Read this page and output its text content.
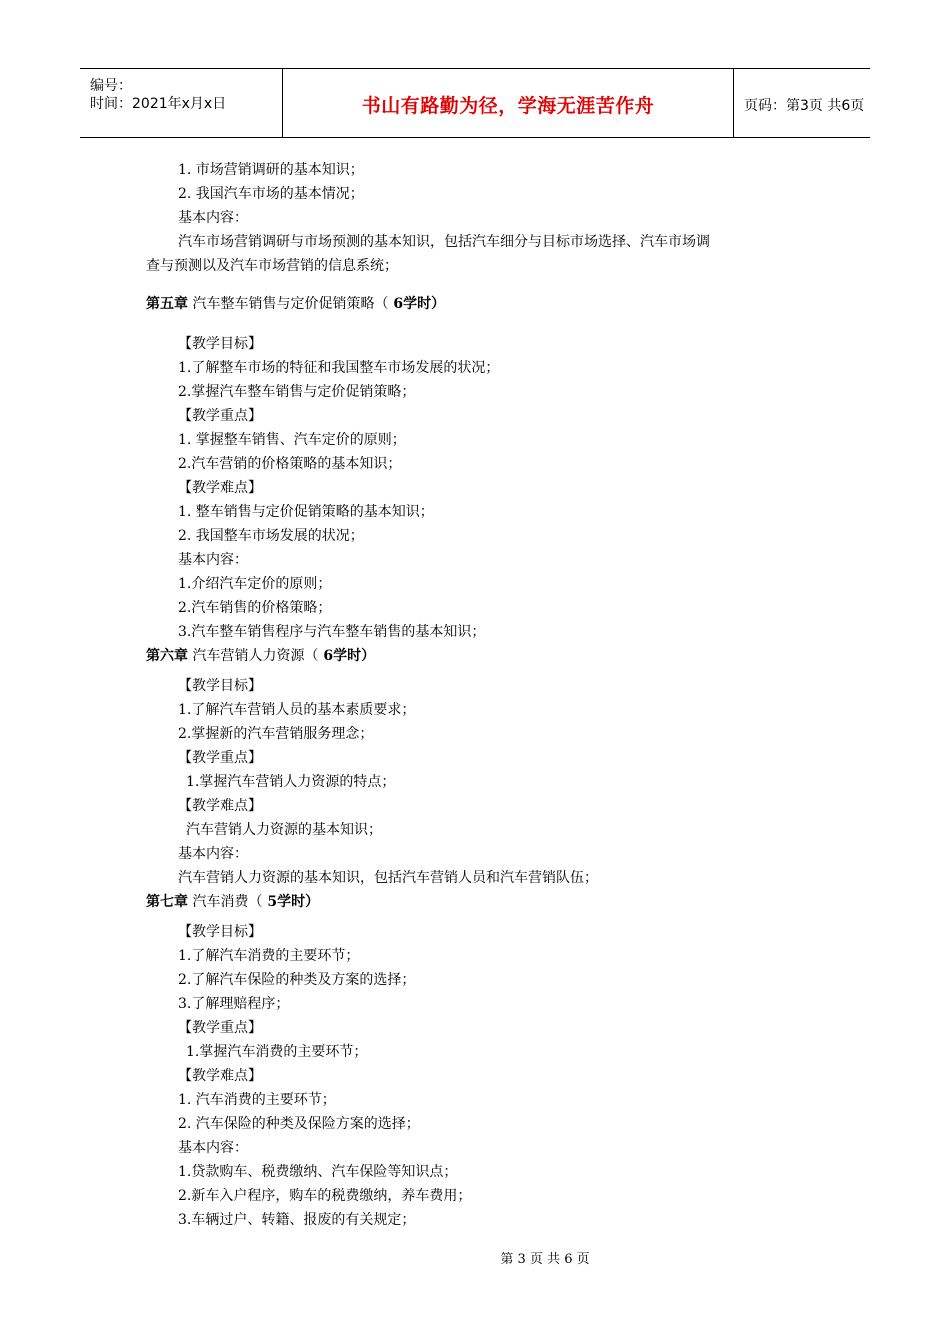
编号：
时间：2021年x月x日	书山有路勤为径，学海无涯苦作舟	页码：第3页 共6页
1. 市场营销调研的基本知识；
2. 我国汽车市场的基本情况；
基本内容：
汽车市场营销调研与市场预测的基本知识，包括汽车细分与目标市场选择、汽车市场调
查与预测以及汽车市场营销的信息系统；
第五章 汽车整车销售与定价促销策略（ 6学时）
【教学目标】
1.了解整车市场的特征和我国整车市场发展的状况；
2.掌握汽车整车销售与定价促销策略；
【教学重点】
1. 掌握整车销售、汽车定价的原则；
2.汽车营销的价格策略的基本知识；
【教学难点】
1. 整车销售与定价促销策略的基本知识；
2. 我国整车市场发展的状况；
基本内容：
1.介绍汽车定价的原则；
2.汽车销售的价格策略；
3.汽车整车销售程序与汽车整车销售的基本知识；
第六章 汽车营销人力资源（ 6学时）
【教学目标】
1.了解汽车营销人员的基本素质要求；
2.掌握新的汽车营销服务理念；
【教学重点】
1.掌握汽车营销人力资源的特点；
【教学难点】
汽车营销人力资源的基本知识；
基本内容：
汽车营销人力资源的基本知识，包括汽车营销人员和汽车营销队伍；
第七章 汽车消费（ 5学时）
【教学目标】
1.了解汽车消费的主要环节；
2.了解汽车保险的种类及方案的选择；
3.了解理赔程序；
【教学重点】
1.掌握汽车消费的主要环节；
【教学难点】
1. 汽车消费的主要环节；
2. 汽车保险的种类及保险方案的选择；
基本内容：
1.贷款购车、税费缴纳、汽车保险等知识点；
2.新车入户程序，购车的税费缴纳，养车费用；
3.车辆过户、转籍、报废的有关规定；
第 3 页 共 6 页
